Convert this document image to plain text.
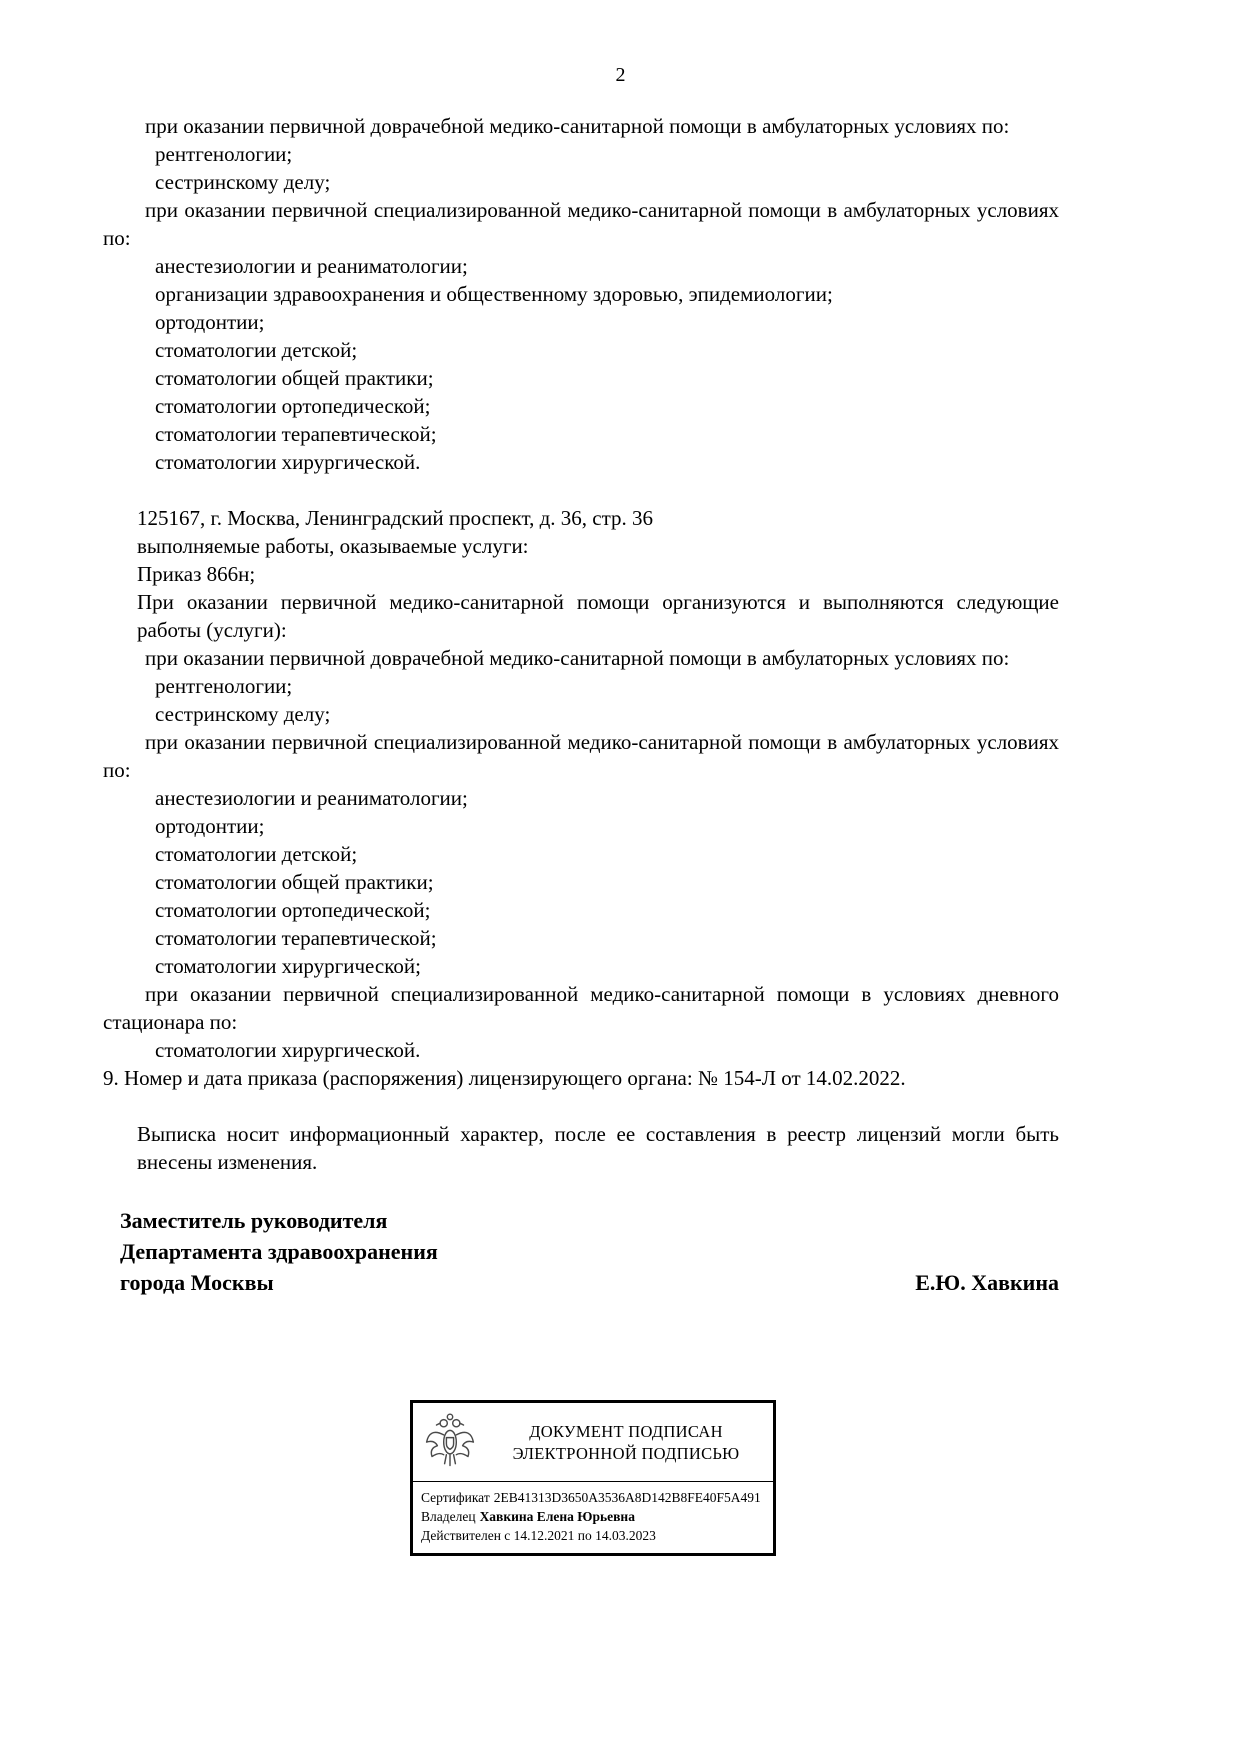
2
при оказании первичной доврачебной медико-санитарной помощи в амбулаторных условиях по:
рентгенологии;
сестринскому делу;
при оказании первичной специализированной медико-санитарной помощи в амбулаторных условиях по:
анестезиологии и реаниматологии;
организации здравоохранения и общественному здоровью, эпидемиологии;
ортодонтии;
стоматологии детской;
стоматологии общей практики;
стоматологии ортопедической;
стоматологии терапевтической;
стоматологии хирургической.
125167, г. Москва, Ленинградский проспект, д. 36, стр. 36
выполняемые работы, оказываемые услуги:
Приказ 866н;
При оказании первичной медико-санитарной помощи организуются и выполняются следующие работы (услуги):
при оказании первичной доврачебной медико-санитарной помощи в амбулаторных условиях по:
рентгенологии;
сестринскому делу;
при оказании первичной специализированной медико-санитарной помощи в амбулаторных условиях по:
анестезиологии и реаниматологии;
ортодонтии;
стоматологии детской;
стоматологии общей практики;
стоматологии ортопедической;
стоматологии терапевтической;
стоматологии хирургической;
при оказании первичной специализированной медико-санитарной помощи в условиях дневного стационара по:
стоматологии хирургической.
9. Номер и дата приказа (распоряжения) лицензирующего органа: № 154-Л от 14.02.2022.
Выписка носит информационный характер, после ее составления в реестр лицензий могли быть внесены изменения.
Заместитель руководителя
Департамента здравоохранения
города Москвы	Е.Ю. Хавкина
ДОКУМЕНТ ПОДПИСАН
ЭЛЕКТРОННОЙ ПОДПИСЬЮ
Сертификат 2EB41313D3650A3536A8D142B8FE40F5A491
Владелец Хавкина Елена Юрьевна
Действителен с 14.12.2021 по 14.03.2023
